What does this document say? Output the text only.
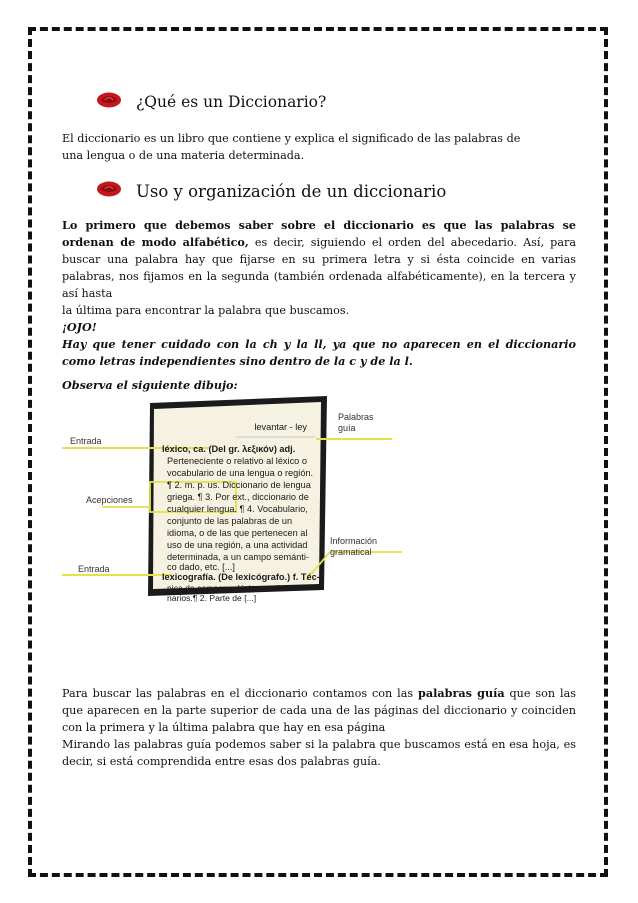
¿Qué es un Diccionario?

El diccionario es un libro que contiene y explica el significado de las palabras de
una lengua o de una materia determinada.

Uso y organización de un diccionario

Lo primero que debemos saber sobre el diccionario es que las palabras se ordenan de modo alfabético, es decir, siguiendo el orden del abecedario. Así, para buscar una palabra hay que fijarse en su primera letra y si ésta coincide en varias palabras, nos fijamos en la segunda (también ordenada alfabéticamente), en la tercera y así hasta
la última para encontrar la palabra que buscamos.
¡OJO!
Hay que tener cuidado con la ch y la ll, ya que no aparecen en el diccionario como letras independientes sino dentro de la c y de la l.

Observa el siguiente dibujo:

levantar - ley
Entrada
Acepciones
Entrada
Palabras
guía
Información
gramatical
léxico, ca. (Del gr. λεξικόν) adj.
Perteneciente o relativo al léxico o
vocabulario de una lengua o región.
¶ 2. m. p. us. Diccionario de lengua
griega. ¶ 3. Por ext., diccionario de
cualquier lengua. ¶ 4. Vocabulario,
conjunto de las palabras de un
idioma, o de las que pertenecen al
uso de una región, a una actividad
determinada, a un campo semánti-
co dado, etc. [...]
lexicografía. (De lexicógrafo.) f. Téc-
nica de componer léxicos o diccio-
narios.¶ 2. Parte de [...]

Para buscar las palabras en el diccionario contamos con las palabras guía que son las que aparecen en la parte superior de cada una de las páginas del diccionario y coinciden con la primera y la última palabra que hay en esa página
Mirando las palabras guía podemos saber si la palabra que buscamos está en esa hoja, es decir, si está comprendida entre esas dos palabras guía.
